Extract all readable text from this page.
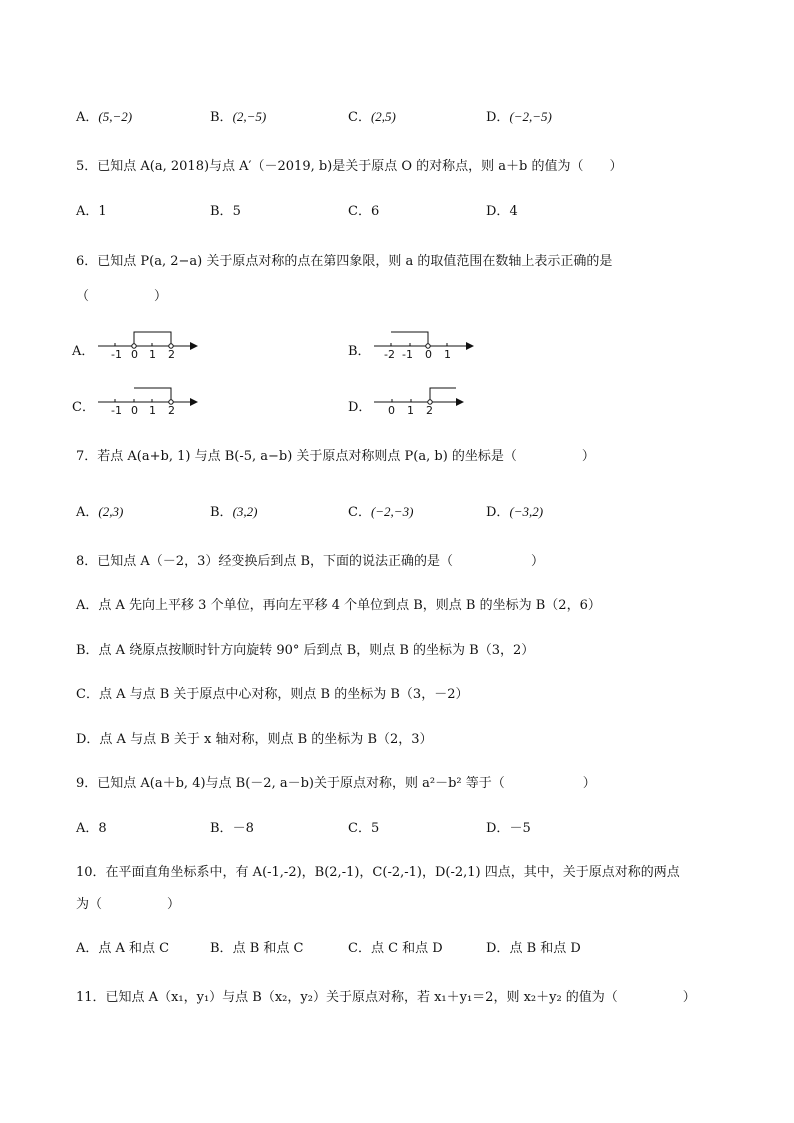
A．(5,−2)	B．(2,−5)	C．(2,5)	D．(−2,−5)
5．已知点 A(a, 2018)与点 A′（－2019, b)是关于原点 O 的对称点，则 a＋b 的值为（　　）
A．1	B．5	C．6	D．4
6．已知点 P(a, 2−a) 关于原点对称的点在第四象限，则 a 的取值范围在数轴上表示正确的是
（　　　　　）
A． -1 0 1 2	B． -2 -1 0 1
C． -1 0 1 2	D． 0 1 2
7．若点 A(a+b, 1) 与点 B(-5, a−b) 关于原点对称则点 P(a, b) 的坐标是（　　　　　）
A．(2,3)	B．(3,2)	C．(−2,−3)	D．(−3,2)
8．已知点 A（－2，3）经变换后到点 B，下面的说法正确的是（　　　　　　）
A．点 A 先向上平移 3 个单位，再向左平移 4 个单位到点 B，则点 B 的坐标为 B（2，6）
B．点 A 绕原点按顺时针方向旋转 90° 后到点 B，则点 B 的坐标为 B（3，2）
C．点 A 与点 B 关于原点中心对称，则点 B 的坐标为 B（3，－2）
D．点 A 与点 B 关于 x 轴对称，则点 B 的坐标为 B（2，3）
9．已知点 A(a＋b, 4)与点 B(－2, a－b)关于原点对称，则 a²－b² 等于（　　　　　　）
A．8	B．－8	C．5	D．－5
10．在平面直角坐标系中，有 A(-1,-2)，B(2,-1)，C(-2,-1)，D(-2,1) 四点，其中，关于原点对称的两点
为（　　　　　）
A．点 A 和点 C	B．点 B 和点 C	C．点 C 和点 D	D．点 B 和点 D
11．已知点 A（x₁，y₁）与点 B（x₂，y₂）关于原点对称，若 x₁＋y₁＝2，则 x₂＋y₂ 的值为（　　　　　）
